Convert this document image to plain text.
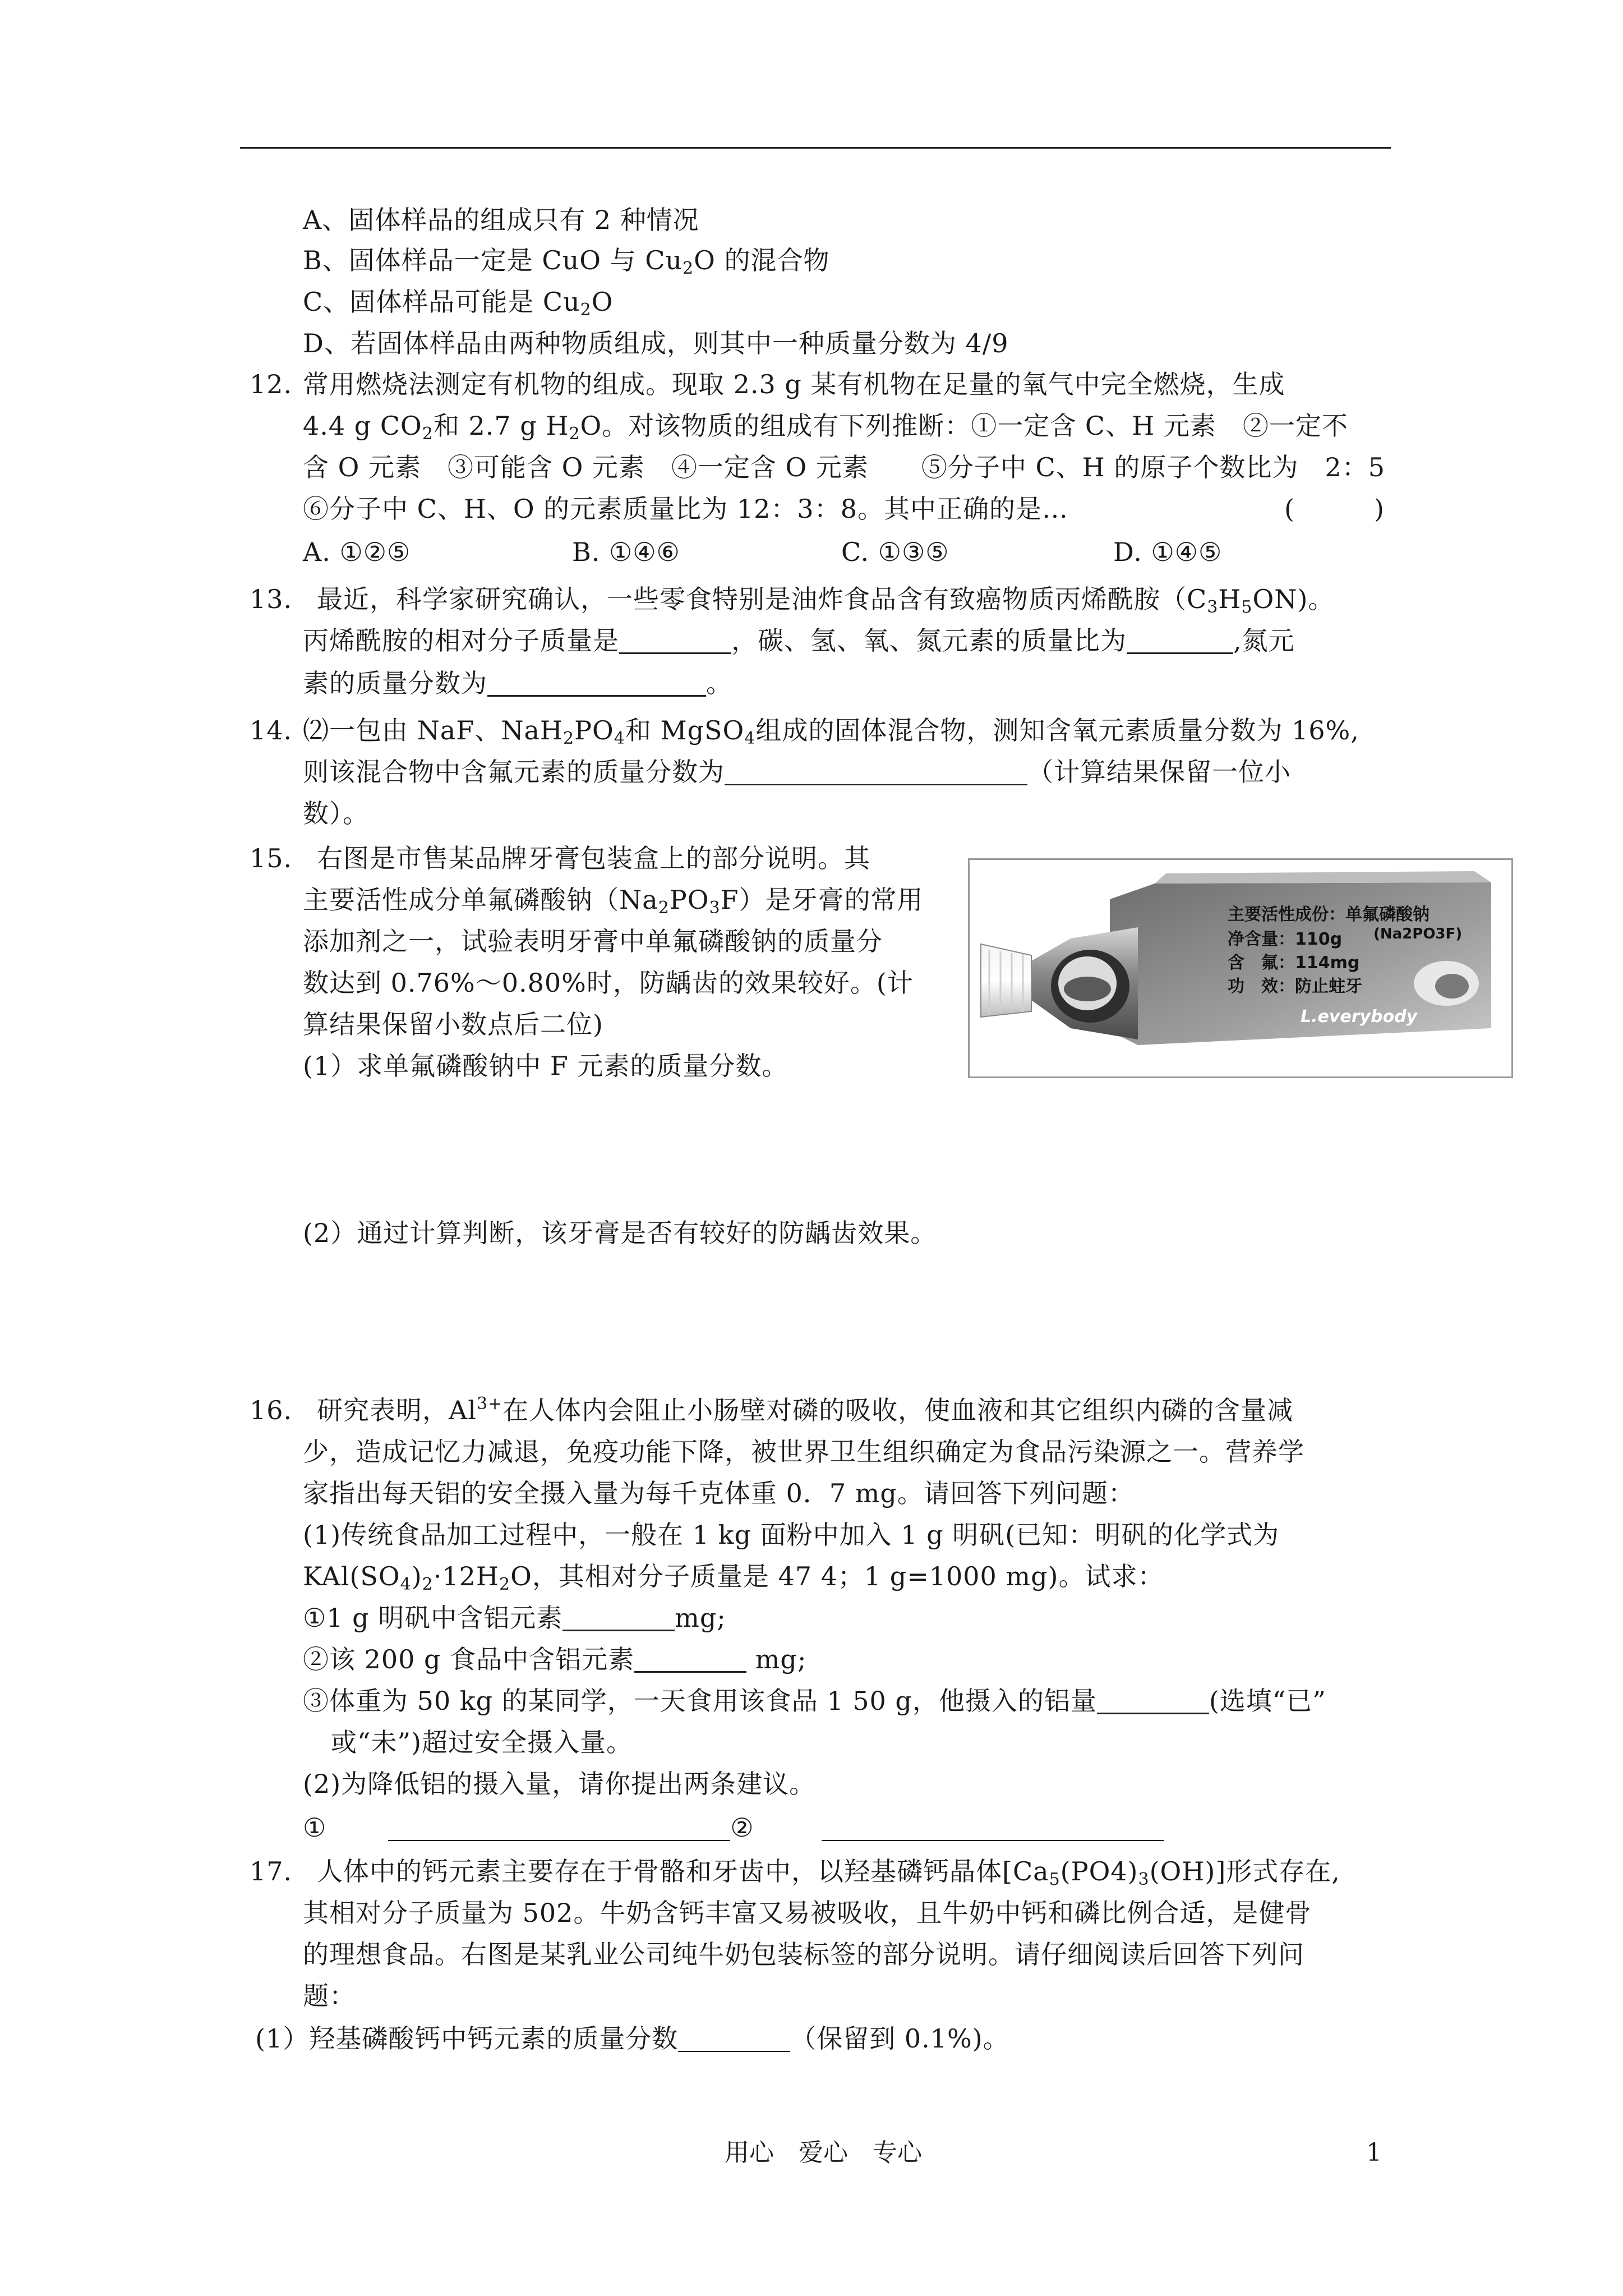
A、固体样品的组成只有 2 种情况
B、固体样品一定是 CuO 与 $Cu_2O$ 的混合物
C、固体样品可能是 $Cu_2O$
D、若固体样品由两种物质组成，则其中一种质量分数为 4/9
12. 常用燃烧法测定有机物的组成。现取 2.3 g 某有机物在足量的氧气中完全燃烧，生成
4.4 g $CO_2$和 2.7 g $H_2O$。对该物质的组成有下列推断：①一定含 C、H 元素　②一定不
含 O 元素　③可能含 O 元素　④一定含 O 元素　　⑤分子中 C、H 的原子个数比为　2：5
⑥分子中 C、H、O 的元素质量比为 12：3：8。其中正确的是…	(　　　)
A. ①②⑤	B. ①④⑥	C. ①③⑤	D. ①④⑤
13. 最近，科学家研究确认，一些零食特别是油炸食品含有致癌物质丙烯酰胺$(C_3H_5ON)$。
丙烯酰胺的相对分子质量是	，碳、氢、氧、氮元素的质量比为	,氮元
素的质量分数为	。
14. ⑵一包由 NaF、$NaH_2PO_4$和 MgSO$_4$组成的固体混合物，测知含氧元素质量分数为 16%,
则该混合物中含氟元素的质量分数为	（计算结果保留一位小
数）。
15. 右图是市售某品牌牙膏包装盒上的部分说明。其
主要活性成分单氟磷酸钠$(Na_2PO_3F)$是牙膏的常用
添加剂之一，试验表明牙膏中单氟磷酸钠的质量分
数达到 0.76%～0.80%时，防龋齿的效果较好。(计
算结果保留小数点后二位)
(1）求单氟磷酸钠中 F 元素的质量分数。
主要活性成份：单氟磷酸钠
(Na2PO3F)
净含量：110g
含　氟：114mg
功　效：防止蛀牙
L.everybody
(2）通过计算判断，该牙膏是否有较好的防龋齿效果。
16. 研究表明，$Al^{3+}$在人体内会阻止小肠壁对磷的吸收，使血液和其它组织内磷的含量减
少，造成记忆力减退，免疫功能下降，被世界卫生组织确定为食品污染源之一。营养学
家指出每天铝的安全摄入量为每千克体重 0．7 mg。请回答下列问题：
(1)传统食品加工过程中，一般在 1 kg 面粉中加入 1 g 明矾(已知：明矾的化学式为
$KAl(SO_4)_2\cdot 12H_2O$，其相对分子质量是 47 4；1 g=1000 mg)。试求：
①1 g 明矾中含铝元素	mg;
②该 200 g 食品中含铝元素	mg;
③体重为 50 kg 的某同学，一天食用该食品 1 50 g，他摄入的铝量	(选填“已”
或“未”)超过安全摄入量。
(2)为降低铝的摄入量，请你提出两条建议。
①	②
17. 人体中的钙元素主要存在于骨骼和牙齿中，以羟基磷钙晶体$[Ca_5(PO4)_3(OH)]$形式存在,
其相对分子质量为 502。牛奶含钙丰富又易被吸收，且牛奶中钙和磷比例合适，是健骨
的理想食品。右图是某乳业公司纯牛奶包装标签的部分说明。请仔细阅读后回答下列问
题：
(1）羟基磷酸钙中钙元素的质量分数	（保留到 0.1%)。
用心　爱心　专心	1
